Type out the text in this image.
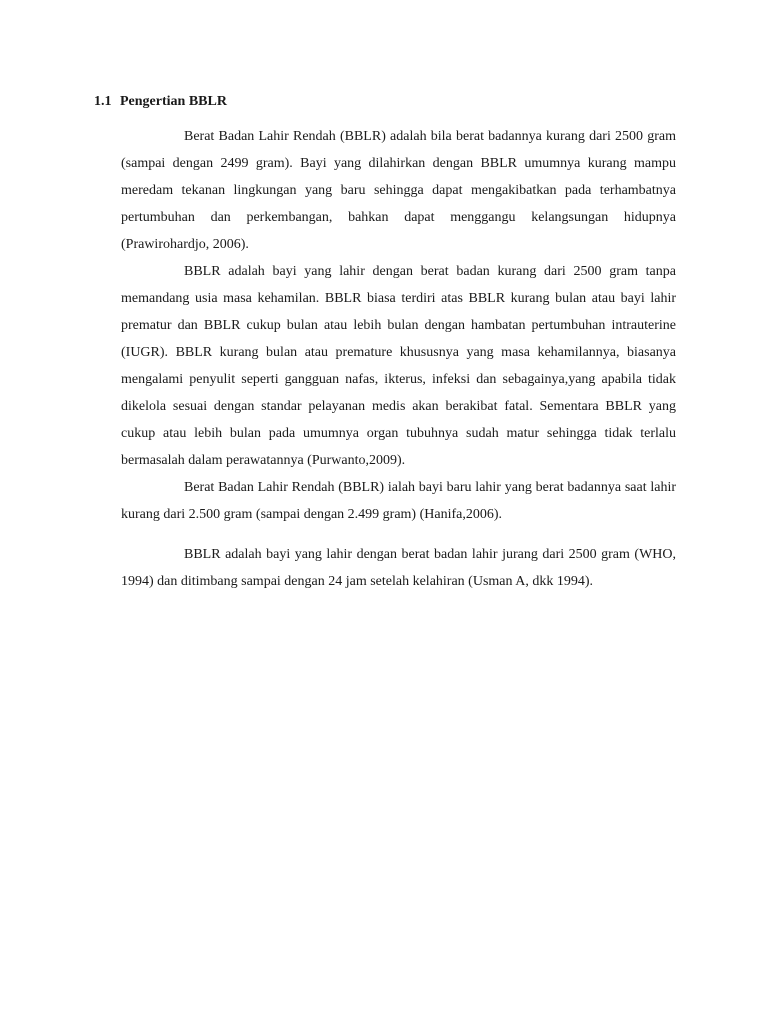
1.1 Pengertian BBLR

Berat Badan Lahir Rendah (BBLR) adalah bila berat badannya kurang dari 2500 gram (sampai dengan 2499 gram). Bayi yang dilahirkan dengan BBLR umumnya kurang mampu meredam tekanan lingkungan yang baru sehingga dapat mengakibatkan pada terhambatnya pertumbuhan dan perkembangan, bahkan dapat menggangu kelangsungan hidupnya (Prawirohardjo, 2006).

BBLR adalah bayi yang lahir dengan berat badan kurang dari 2500 gram tanpa memandang usia masa kehamilan. BBLR biasa terdiri atas BBLR kurang bulan atau bayi lahir prematur dan BBLR cukup bulan atau lebih bulan dengan hambatan pertumbuhan intrauterine (IUGR). BBLR kurang bulan atau premature khususnya yang masa kehamilannya, biasanya mengalami penyulit seperti gangguan nafas, ikterus, infeksi dan sebagainya,yang apabila tidak dikelola sesuai dengan standar pelayanan medis akan berakibat fatal. Sementara BBLR yang cukup atau lebih bulan pada umumnya organ tubuhnya sudah matur sehingga tidak terlalu bermasalah dalam perawatannya (Purwanto,2009).

Berat Badan Lahir Rendah (BBLR) ialah bayi baru lahir yang berat badannya saat lahir kurang dari 2.500 gram (sampai dengan 2.499 gram) (Hanifa,2006).

BBLR adalah bayi yang lahir dengan berat badan lahir jurang dari 2500 gram (WHO, 1994) dan ditimbang sampai dengan 24 jam setelah kelahiran (Usman A, dkk 1994).
